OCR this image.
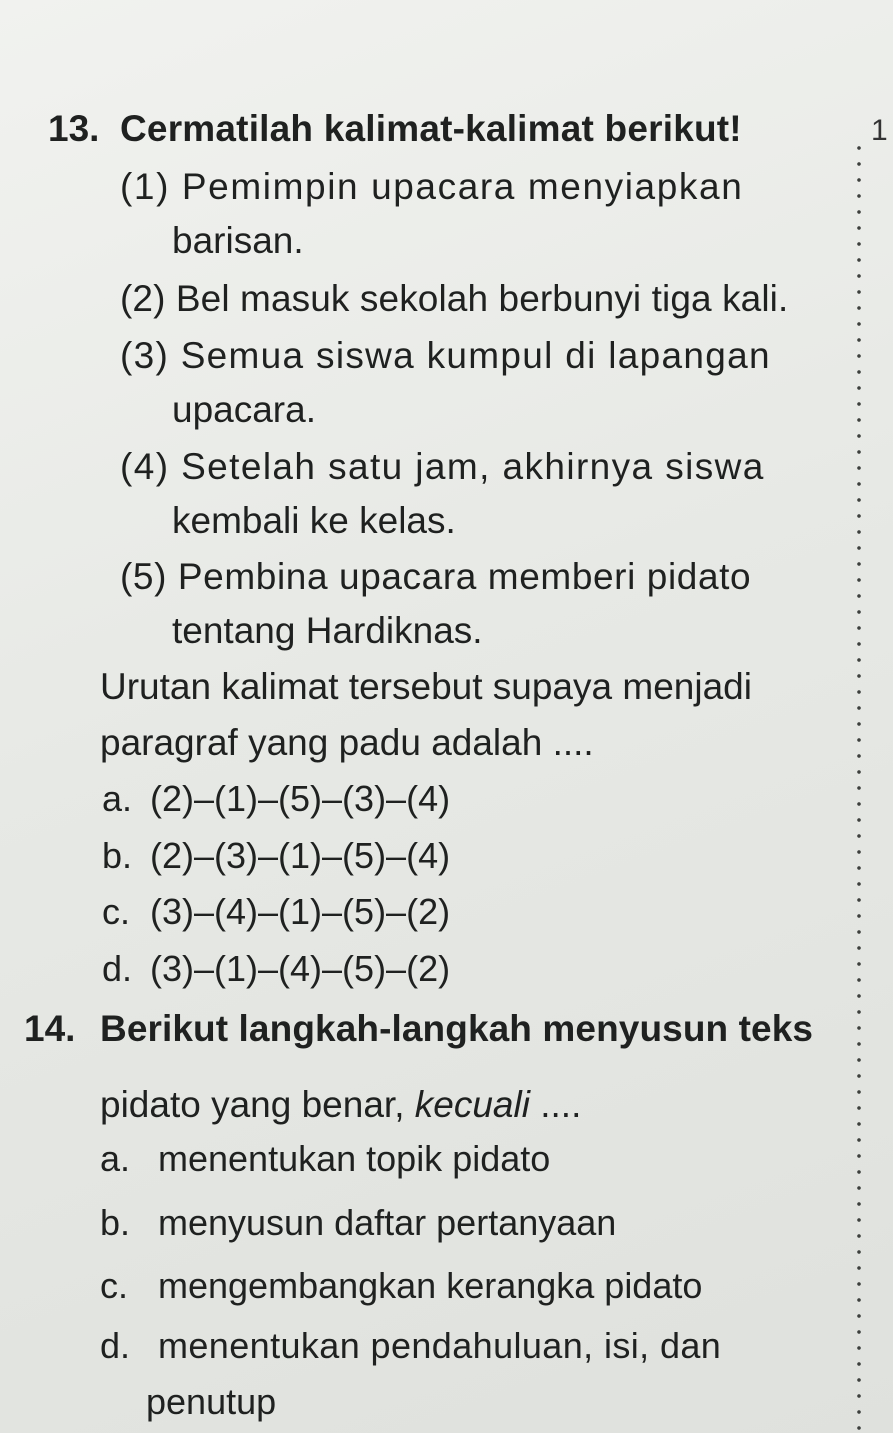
13. Cermatilah kalimat-kalimat berikut!
(1) Pemimpin upacara menyiapkan
barisan.
(2) Bel masuk sekolah berbunyi tiga kali.
(3) Semua siswa kumpul di lapangan
upacara.
(4) Setelah satu jam, akhirnya siswa
kembali ke kelas.
(5) Pembina upacara memberi pidato
tentang Hardiknas.
Urutan kalimat tersebut supaya menjadi
paragraf yang padu adalah ....
a. (2)–(1)–(5)–(3)–(4)
b. (2)–(3)–(1)–(5)–(4)
c. (3)–(4)–(1)–(5)–(2)
d. (3)–(1)–(4)–(5)–(2)
14. Berikut langkah-langkah menyusun teks
pidato yang benar, kecuali ....
a. menentukan topik pidato
b. menyusun daftar pertanyaan
c. mengembangkan kerangka pidato
d. menentukan pendahuluan, isi, dan
penutup
1
